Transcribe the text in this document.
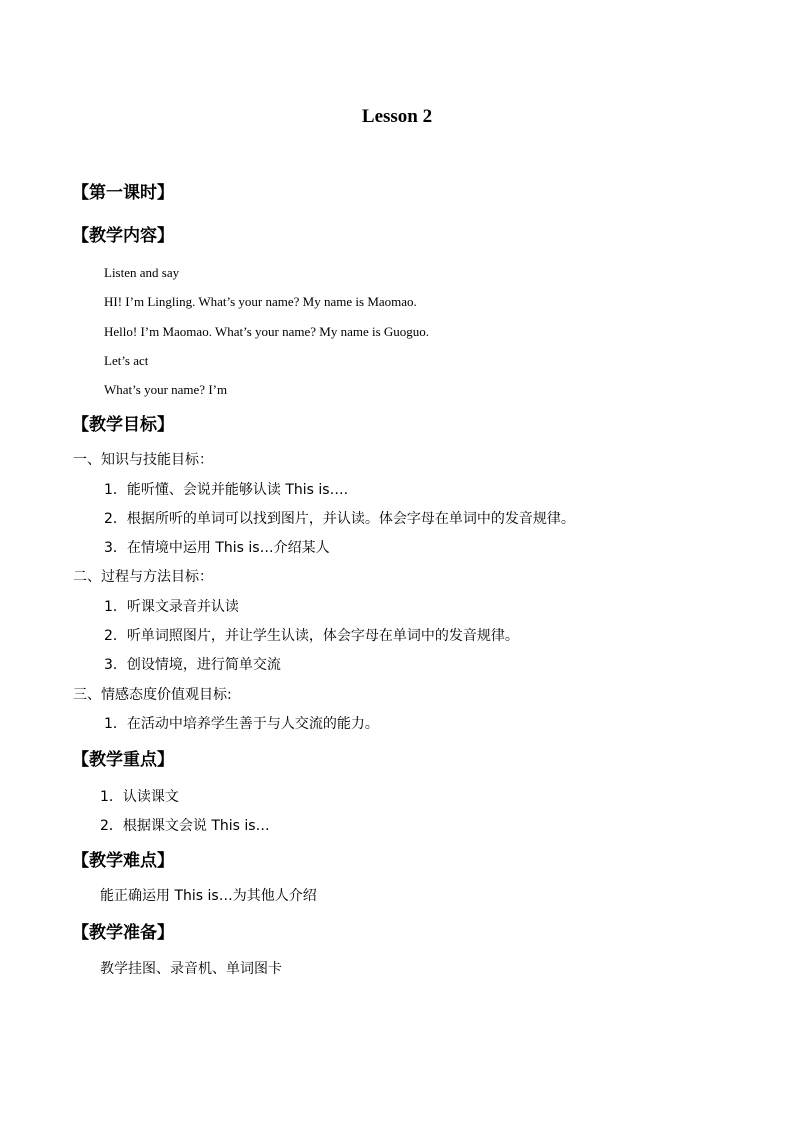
Lesson 2
【第一课时】
【教学内容】
Listen and say
HI! I’m Lingling. What’s your name? My name is Maomao.
Hello! I’m Maomao. What’s your name? My name is Guoguo.
Let’s act
What’s your name? I’m
【教学目标】
一、知识与技能目标：
1．能听懂、会说并能够认读 This is….
2．根据所听的单词可以找到图片，并认读。体会字母在单词中的发音规律。
3．在情境中运用 This is…介绍某人
二、过程与方法目标：
1．听课文录音并认读
2．听单词照图片，并让学生认读，体会字母在单词中的发音规律。
3．创设情境，进行简单交流
三、情感态度价值观目标:
1．在活动中培养学生善于与人交流的能力。
【教学重点】
1．认读课文
2．根据课文会说 This is…
【教学难点】
能正确运用 This is…为其他人介绍
【教学准备】
教学挂图、录音机、单词图卡
